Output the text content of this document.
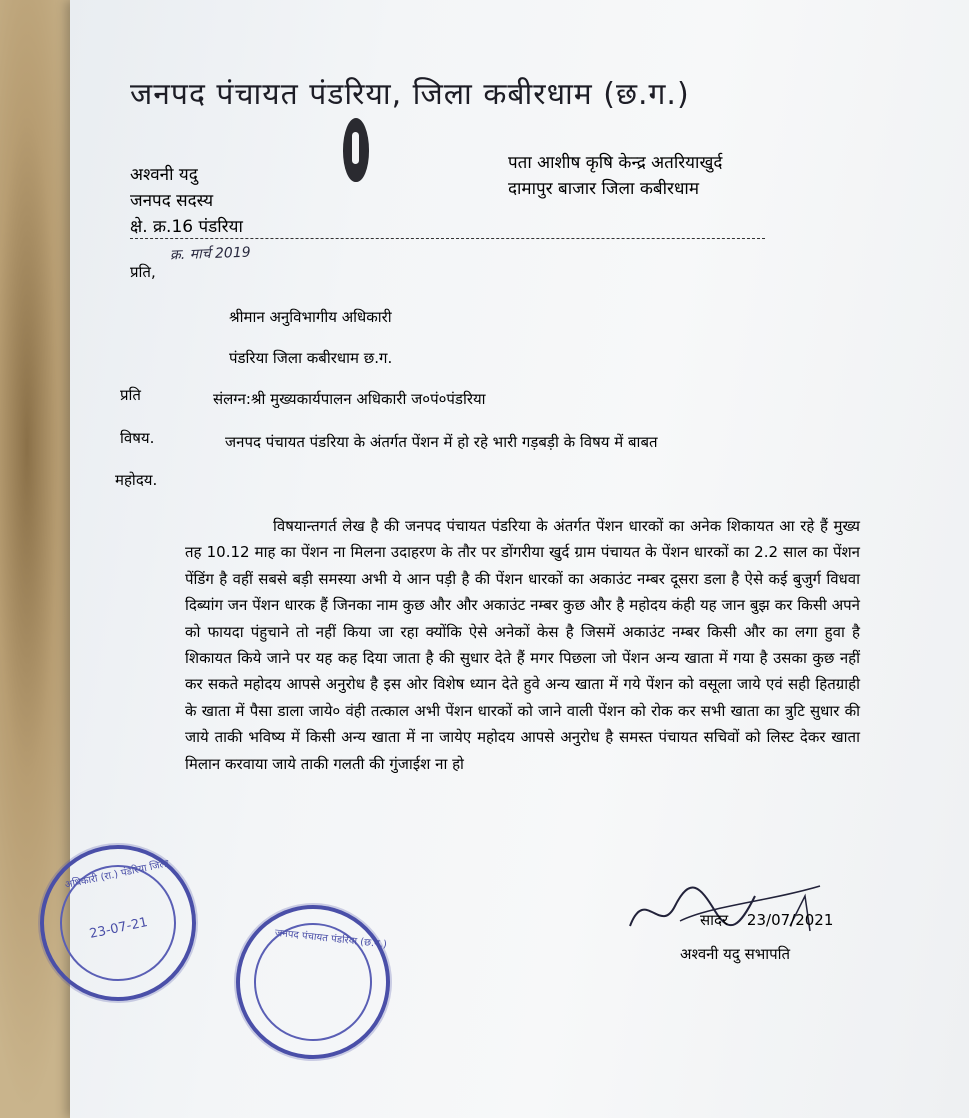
जनपद पंचायत पंडरिया, जिला कबीरधाम (छ.ग.)
अश्वनी यदु
जनपद सदस्य
क्षे. क्र.16 पंडरिया
पता आशीष कृषि केन्द्र अतरियाखुर्द
दामापुर बाजार जिला कबीरधाम
क्र. मार्च 2019
प्रति,
श्रीमान अनुविभागीय अधिकारी
पंडरिया जिला कबीरधाम छ.ग.
प्रति	संलग्न:श्री मुख्यकार्यपालन अधिकारी ज०पं०पंडरिया
विषय.	जनपद पंचायत पंडरिया के अंतर्गत पेंशन में हो रहे भारी गड़बड़ी के विषय में बाबत
महोदय.
विषयान्तगर्त लेख है की जनपद पंचायत पंडरिया के अंतर्गत पेंशन धारकों का अनेक शिकायत आ रहे हैं मुख्य तह 10.12 माह का पेंशन ना मिलना उदाहरण के तौर पर डोंगरीया खुर्द ग्राम पंचायत के पेंशन धारकों का 2.2 साल का पेंशन पेंडिंग है वहीं सबसे बड़ी समस्या अभी ये आन पड़ी है की पेंशन धारकों का अकाउंट नम्बर दूसरा डला है ऐसे कई बुजुर्ग विधवा दिब्यांग जन पेंशन धारक हैं जिनका नाम कुछ और और अकाउंट नम्बर कुछ और है महोदय कंही यह जान बुझ कर किसी अपने को फायदा पंहुचाने तो नहीं किया जा रहा क्योंकि ऐसे अनेकों केस है जिसमें अकाउंट नम्बर किसी और का लगा हुवा है शिकायत किये जाने पर यह कह दिया जाता है की सुधार देते हैं मगर पिछला जो पेंशन अन्य खाता में गया है उसका कुछ नहीं कर सकते महोदय आपसे अनुरोध है इस ओर विशेष ध्यान देते हुवे अन्य खाता में गये पेंशन को वसूला जाये एवं सही हितग्राही के खाता में पैसा डाला जाये० वंही तत्काल अभी पेंशन धारकों को जाने वाली पेंशन को रोक कर सभी खाता का त्रुटि सुधार की जाये ताकी भविष्य में किसी अन्य खाता में ना जायेए महोदय आपसे अनुरोध है समस्त पंचायत सचिवों को लिस्ट देकर खाता मिलान करवाया जाये ताकी गलती की गुंजाईश ना हो
सादर 23/07/2021
अश्वनी यदु सभापति
अधिकारी (रा.) पंडरिया जिला
23-07-21	जनपद पंचायत पंडरिया (छ.ग.)
